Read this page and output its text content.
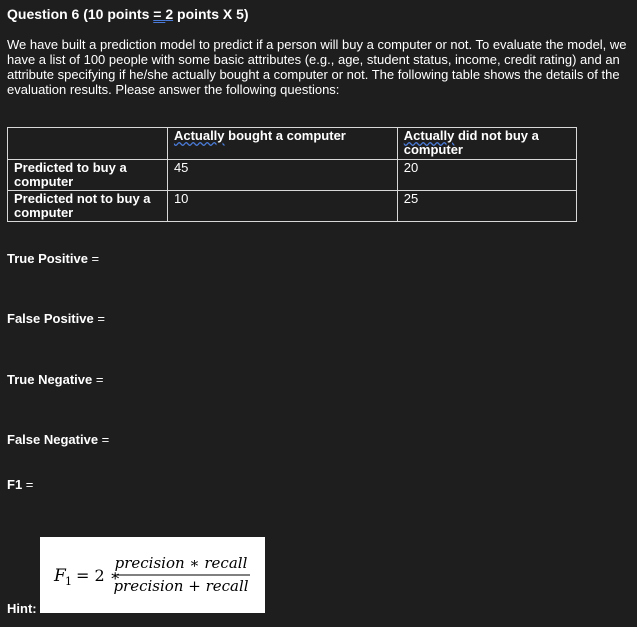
Question 6 (10 points = 2 points X 5)
We have built a prediction model to predict if a person will buy a computer or not. To evaluate the model, we have a list of 100 people with some basic attributes (e.g., age, student status, income, credit rating) and an attribute specifying if he/she actually bought a computer or not. The following table shows the details of the evaluation results. Please answer the following questions:
	Actually bought a computer	Actually did not buy a computer
Predicted to buy a computer	45	20
Predicted not to buy a computer	10	25
True Positive =
False Positive =
True Negative =
False Negative =
F1 =
Hint:
F 1 = 2 ∗
precision ∗ recall
precision + recall
